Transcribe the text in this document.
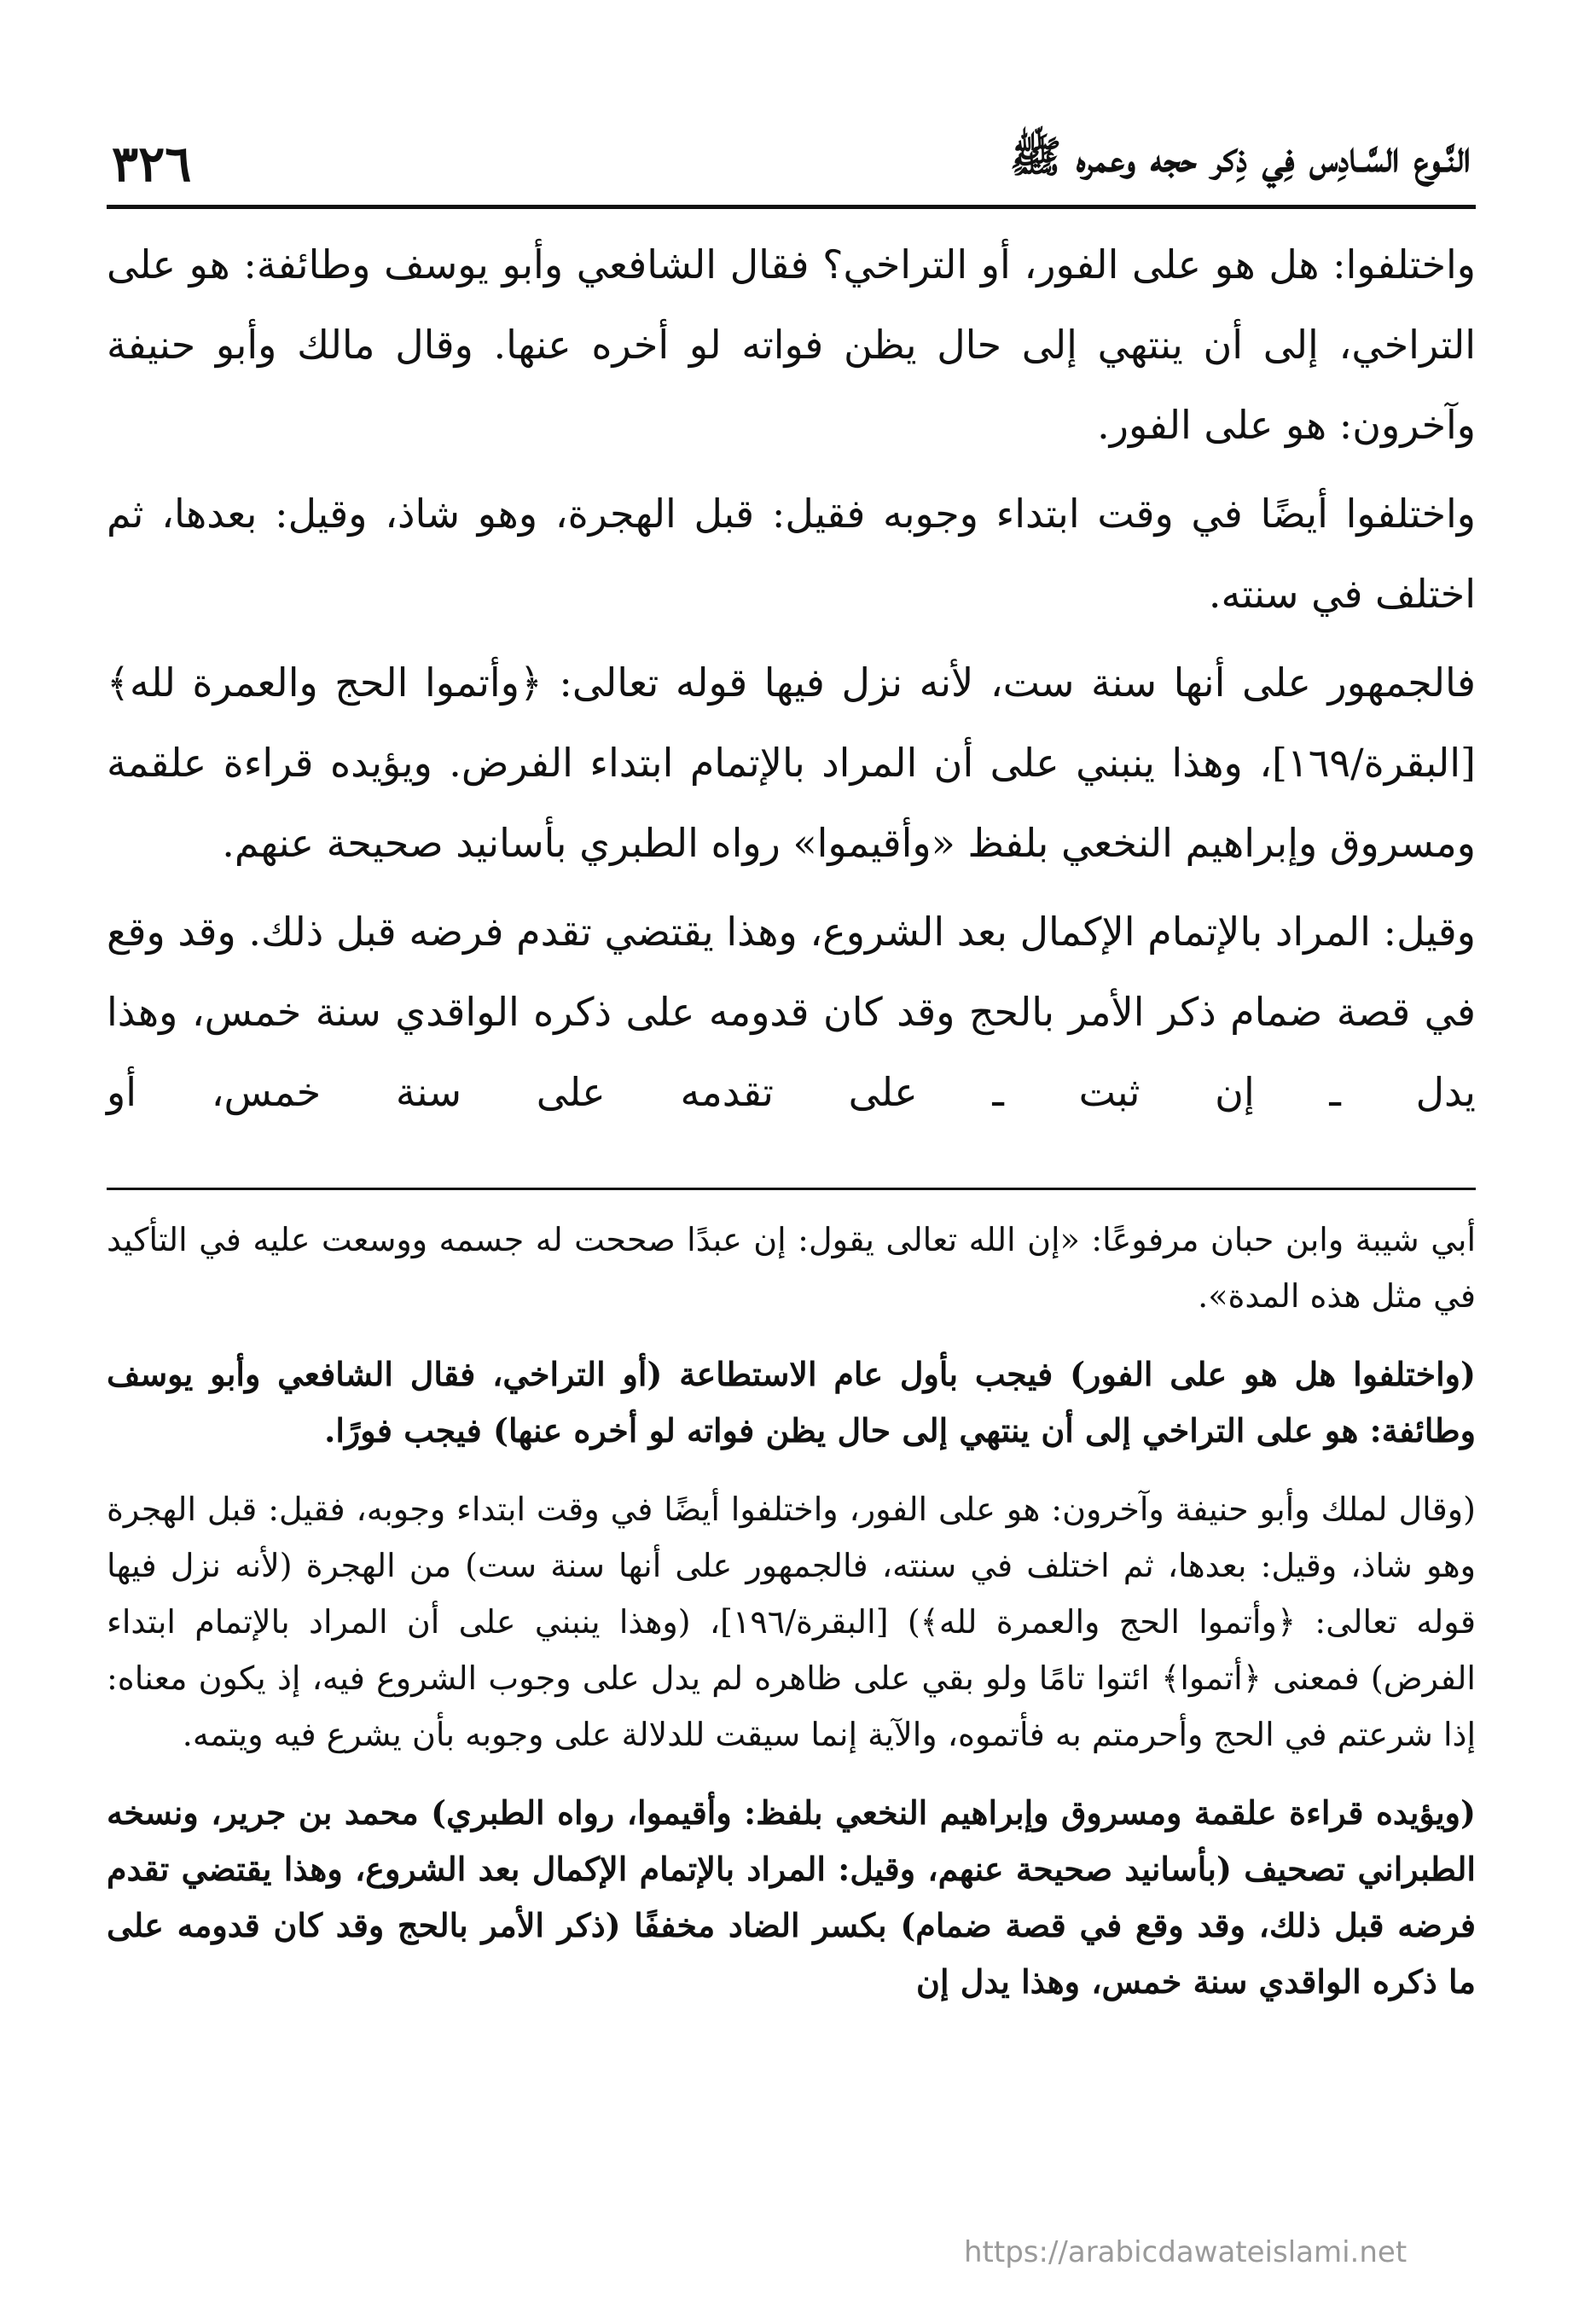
النَّـوع السَّـادِس فِي ذِكر حجه وعمره ﷺ
٣٢٦

واختلفوا: هل هو على الفور، أو التراخي؟ فقال الشافعي وأبو يوسف وطائفة: هو على التراخي، إلى أن ينتهي إلى حال يظن فواته لو أخره عنها. وقال مالك وأبو حنيفة وآخرون: هو على الفور.

واختلفوا أيضًا في وقت ابتداء وجوبه فقيل: قبل الهجرة، وهو شاذ، وقيل: بعدها، ثم اختلف في سنته.

فالجمهور على أنها سنة ست، لأنه نزل فيها قوله تعالى: ﴿وأتموا الحج والعمرة لله﴾ [البقرة/١٦٩]، وهذا ينبني على أن المراد بالإتمام ابتداء الفرض. ويؤيده قراءة علقمة ومسروق وإبراهيم النخعي بلفظ «وأقيموا» رواه الطبري بأسانيد صحيحة عنهم.

وقيل: المراد بالإتمام الإكمال بعد الشروع، وهذا يقتضي تقدم فرضه قبل ذلك. وقد وقع في قصة ضمام ذكر الأمر بالحج وقد كان قدومه على ذكره الواقدي سنة خمس، وهذا يدل ـ إن ثبت ـ على تقدمه على سنة خمس، أو

أبي شيبة وابن حبان مرفوعًا: «إن الله تعالى يقول: إن عبدًا صححت له جسمه ووسعت عليه في التأكيد في مثل هذه المدة».

(واختلفوا هل هو على الفور) فيجب بأول عام الاستطاعة (أو التراخي، فقال الشافعي وأبو يوسف وطائفة: هو على التراخي إلى أن ينتهي إلى حال يظن فواته لو أخره عنها) فيجب فورًا.

(وقال لملك وأبو حنيفة وآخرون: هو على الفور، واختلفوا أيضًا في وقت ابتداء وجوبه، فقيل: قبل الهجرة وهو شاذ، وقيل: بعدها، ثم اختلف في سنته، فالجمهور على أنها سنة ست) من الهجرة (لأنه نزل فيها قوله تعالى: ﴿وأتموا الحج والعمرة لله﴾) [البقرة/١٩٦]، (وهذا ينبني على أن المراد بالإتمام ابتداء الفرض) فمعنى ﴿أتموا﴾ ائتوا تامًا ولو بقي على ظاهره لم يدل على وجوب الشروع فيه، إذ يكون معناه: إذا شرعتم في الحج وأحرمتم به فأتموه، والآية إنما سيقت للدلالة على وجوبه بأن يشرع فيه ويتمه.

(ويؤيده قراءة علقمة ومسروق وإبراهيم النخعي بلفظ: وأقيموا، رواه الطبري) محمد بن جرير، ونسخه الطبراني تصحيف (بأسانيد صحيحة عنهم، وقيل: المراد بالإتمام الإكمال بعد الشروع، وهذا يقتضي تقدم فرضه قبل ذلك، وقد وقع في قصة ضمام) بكسر الضاد مخففًا (ذكر الأمر بالحج وقد كان قدومه على ما ذكره الواقدي سنة خمس، وهذا يدل إن

https://arabicdawateislami.net
